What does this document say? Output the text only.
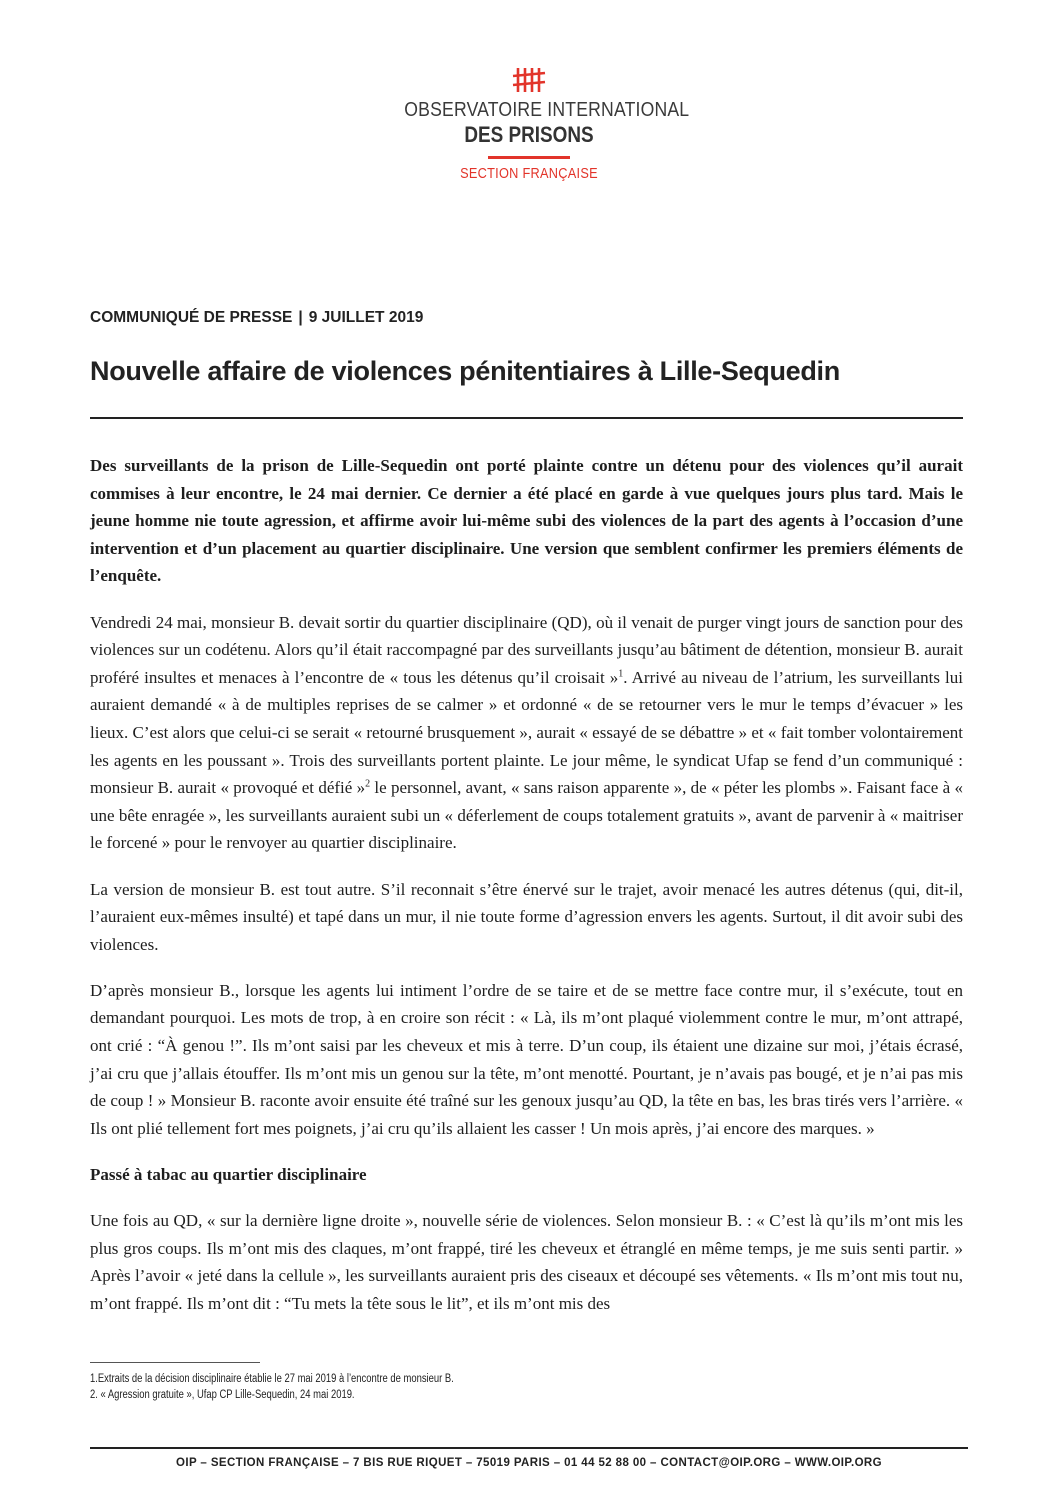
OBSERVATOIRE INTERNATIONAL
DES PRISONS
SECTION FRANÇAISE
COMMUNIQUÉ DE PRESSE | 9 JUILLET 2019
Nouvelle affaire de violences pénitentiaires à Lille-Sequedin

Des surveillants de la prison de Lille-Sequedin ont porté plainte contre un détenu pour des violences qu’il aurait commises à leur encontre, le 24 mai dernier. Ce dernier a été placé en garde à vue quelques jours plus tard. Mais le jeune homme nie toute agression, et affirme avoir lui-même subi des violences de la part des agents à l’occasion d’une intervention et d’un placement au quartier disciplinaire. Une version que semblent confirmer les premiers éléments de l’enquête.

Vendredi 24 mai, monsieur B. devait sortir du quartier disciplinaire (QD), où il venait de purger vingt jours de sanction pour des violences sur un codétenu. Alors qu’il était raccompagné par des surveillants jusqu’au bâtiment de détention, monsieur B. aurait proféré insultes et menaces à l’encontre de « tous les détenus qu’il croisait »$^1$. Arrivé au niveau de l’atrium, les surveillants lui auraient demandé « à de multiples reprises de se calmer » et ordonné « de se retourner vers le mur le temps d’évacuer » les lieux. C’est alors que celui-ci se serait « retourné brusquement », aurait « essayé de se débattre » et « fait tomber volontairement les agents en les poussant ». Trois des surveillants portent plainte. Le jour même, le syndicat Ufap se fend d’un communiqué : monsieur B. aurait « provoqué et défié »$^2$ le personnel, avant, « sans raison apparente », de « péter les plombs ». Faisant face à « une bête enragée », les surveillants auraient subi un « déferlement de coups totalement gratuits », avant de parvenir à « maitriser le forcené » pour le renvoyer au quartier disciplinaire.

La version de monsieur B. est tout autre. S’il reconnait s’être énervé sur le trajet, avoir menacé les autres détenus (qui, dit-il, l’auraient eux-mêmes insulté) et tapé dans un mur, il nie toute forme d’agression envers les agents. Surtout, il dit avoir subi des violences.

D’après monsieur B., lorsque les agents lui intiment l’ordre de se taire et de se mettre face contre mur, il s’exécute, tout en demandant pourquoi. Les mots de trop, à en croire son récit : « Là, ils m’ont plaqué violemment contre le mur, m’ont attrapé, ont crié : “À genou !”. Ils m’ont saisi par les cheveux et mis à terre. D’un coup, ils étaient une dizaine sur moi, j’étais écrasé, j’ai cru que j’allais étouffer. Ils m’ont mis un genou sur la tête, m’ont menotté. Pourtant, je n’avais pas bougé, et je n’ai pas mis de coup ! » Monsieur B. raconte avoir ensuite été traîné sur les genoux jusqu’au QD, la tête en bas, les bras tirés vers l’arrière. « Ils ont plié tellement fort mes poignets, j’ai cru qu’ils allaient les casser ! Un mois après, j’ai encore des marques. »

Passé à tabac au quartier disciplinaire

Une fois au QD, « sur la dernière ligne droite », nouvelle série de violences. Selon monsieur B. : « C’est là qu’ils m’ont mis les plus gros coups. Ils m’ont mis des claques, m’ont frappé, tiré les cheveux et étranglé en même temps, je me suis senti partir. » Après l’avoir « jeté dans la cellule », les surveillants auraient pris des ciseaux et découpé ses vêtements. « Ils m’ont mis tout nu, m’ont frappé. Ils m’ont dit : “Tu mets la tête sous le lit”, et ils m’ont mis des

1.Extraits de la décision disciplinaire établie le 27 mai 2019 à l’encontre de monsieur B.
2. « Agression gratuite », Ufap CP Lille-Sequedin, 24 mai 2019.
OIP – SECTION FRANÇAISE – 7 BIS RUE RIQUET – 75019 PARIS – 01 44 52 88 00 – CONTACT@OIP.ORG – WWW.OIP.ORG
